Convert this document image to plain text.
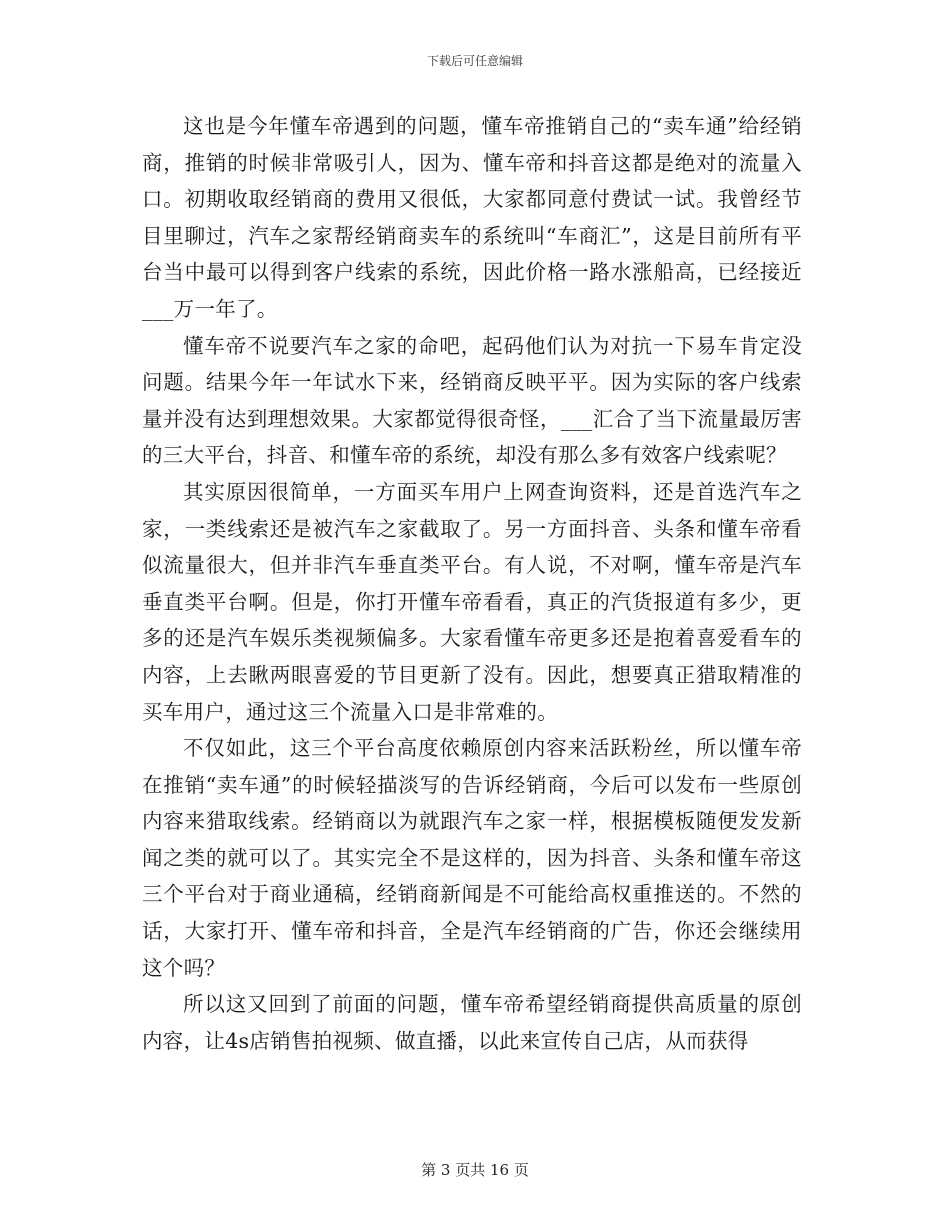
下载后可任意编辑

这也是今年懂车帝遇到的问题，懂车帝推销自己的“卖车通”给经销商，推销的时候非常吸引人，因为、懂车帝和抖音这都是绝对的流量入口。初期收取经销商的费用又很低，大家都同意付费试一试。我曾经节目里聊过，汽车之家帮经销商卖车的系统叫“车商汇”，这是目前所有平台当中最可以得到客户线索的系统，因此价格一路水涨船高，已经接近___万一年了。

懂车帝不说要汽车之家的命吧，起码他们认为对抗一下易车肯定没问题。结果今年一年试水下来，经销商反映平平。因为实际的客户线索量并没有达到理想效果。大家都觉得很奇怪，___汇合了当下流量最厉害的三大平台，抖音、和懂车帝的系统，却没有那么多有效客户线索呢？

其实原因很简单，一方面买车用户上网查询资料，还是首选汽车之家，一类线索还是被汽车之家截取了。另一方面抖音、头条和懂车帝看似流量很大，但并非汽车垂直类平台。有人说，不对啊，懂车帝是汽车垂直类平台啊。但是，你打开懂车帝看看，真正的汽货报道有多少，更多的还是汽车娱乐类视频偏多。大家看懂车帝更多还是抱着喜爱看车的内容，上去瞅两眼喜爱的节目更新了没有。因此，想要真正猎取精准的买车用户，通过这三个流量入口是非常难的。

不仅如此，这三个平台高度依赖原创内容来活跃粉丝，所以懂车帝在推销“卖车通”的时候轻描淡写的告诉经销商，今后可以发布一些原创内容来猎取线索。经销商以为就跟汽车之家一样，根据模板随便发发新闻之类的就可以了。其实完全不是这样的，因为抖音、头条和懂车帝这三个平台对于商业通稿，经销商新闻是不可能给高权重推送的。不然的话，大家打开、懂车帝和抖音，全是汽车经销商的广告，你还会继续用这个吗？

所以这又回到了前面的问题，懂车帝希望经销商提供高质量的原创内容，让4s店销售拍视频、做直播，以此来宣传自己店，从而获得

第 3 页共 16 页
